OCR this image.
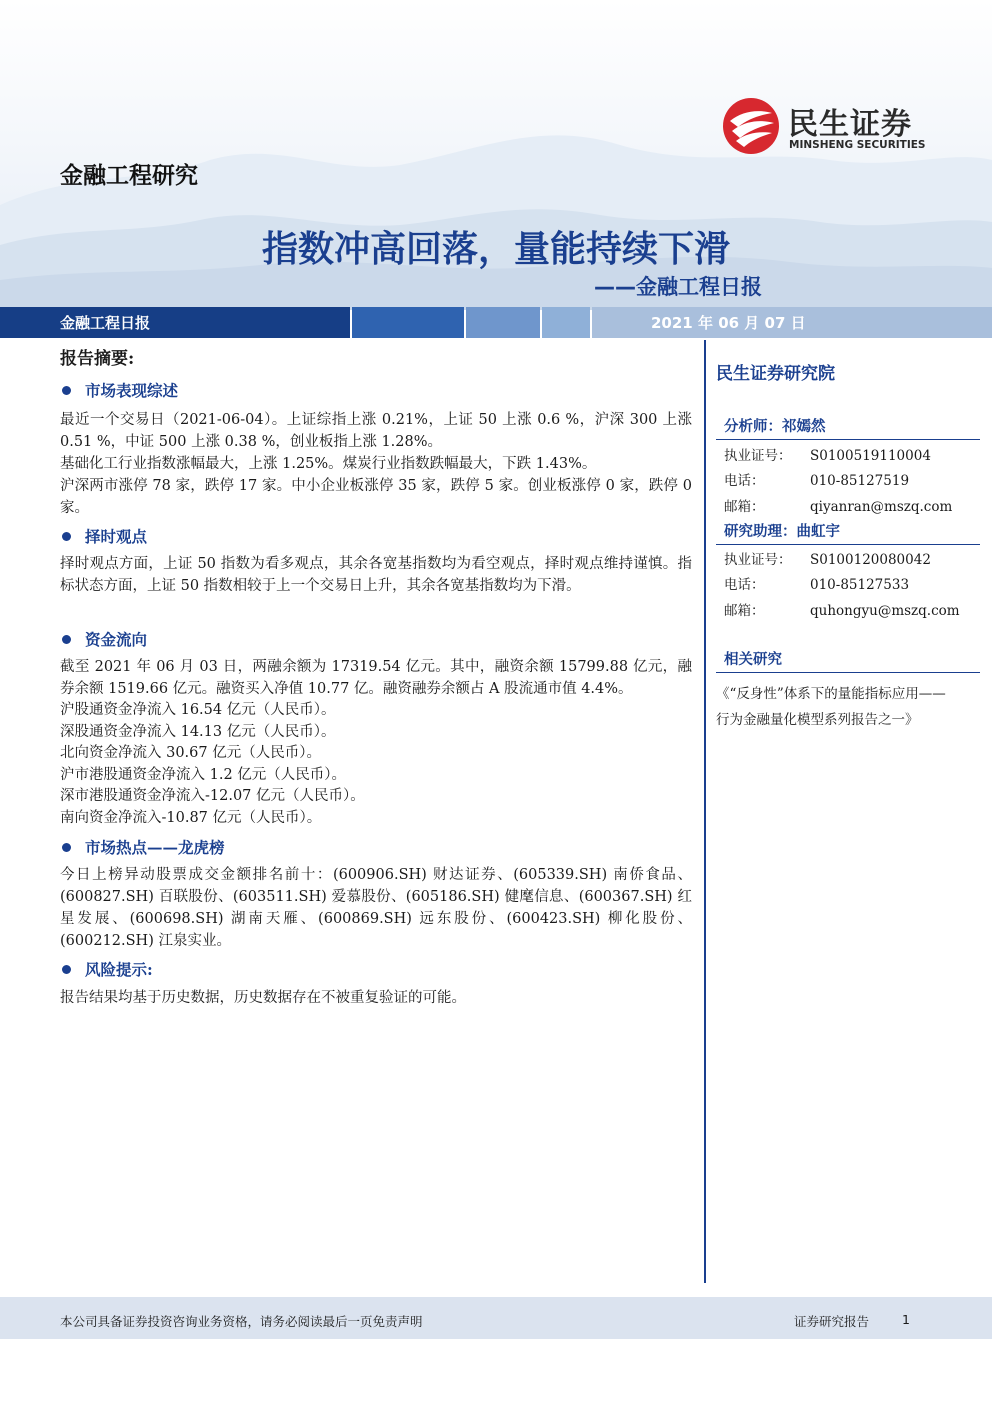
民生证券
MINSHENG SECURITIES
金融工程研究
指数冲高回落，量能持续下滑
——金融工程日报
金融工程日报	2021 年 06 月 07 日
报告摘要:
市场表现综述

最近一个交易日（2021-06-04）。上证综指上涨 0.21%，上证 50 上涨 0.6 %，沪深 300 上涨 0.51 %，中证 500 上涨 0.38 %，创业板指上涨 1.28%。

基础化工行业指数涨幅最大，上涨 1.25%。煤炭行业指数跌幅最大，下跌 1.43%。

沪深两市涨停 78 家，跌停 17 家。中小企业板涨停 35 家，跌停 5 家。创业板涨停 0 家，跌停 0 家。

择时观点

择时观点方面，上证 50 指数为看多观点，其余各宽基指数均为看空观点，择时观点维持谨慎。指标状态方面，上证 50 指数相较于上一个交易日上升，其余各宽基指数均为下滑。

资金流向

截至 2021 年 06 月 03 日，两融余额为 17319.54 亿元。其中，融资余额 15799.88 亿元，融券余额 1519.66 亿元。融资买入净值 10.77 亿。融资融券余额占 A 股流通市值 4.4%。

沪股通资金净流入 16.54 亿元（人民币）。

深股通资金净流入 14.13 亿元（人民币）。

北向资金净流入 30.67 亿元（人民币）。

沪市港股通资金净流入 1.2 亿元（人民币）。

深市港股通资金净流入-12.07 亿元（人民币）。

南向资金净流入-10.87 亿元（人民币）。

市场热点——龙虎榜

今日上榜异动股票成交金额排名前十：(600906.SH) 财达证券、(605339.SH) 南侨食品、(600827.SH) 百联股份、(603511.SH) 爱慕股份、(605186.SH) 健麾信息、(600367.SH) 红星发展、(600698.SH) 湖南天雁、(600869.SH) 远东股份、(600423.SH) 柳化股份、(600212.SH) 江泉实业。

风险提示:

报告结果均基于历史数据，历史数据存在不被重复验证的可能。

民生证券研究院
分析师：祁嫣然
执业证号： S0100519110004
电话：	010-85127519
邮箱：	qiyanran@mszq.com
研究助理：曲虹宇
执业证号： S0100120080042
电话：	010-85127533
邮箱：	quhongyu@mszq.com
相关研究
《“反身性”体系下的量能指标应用——
行为金融量化模型系列报告之一》
本公司具备证券投资咨询业务资格，请务必阅读最后一页免责声明	证券研究报告	1
